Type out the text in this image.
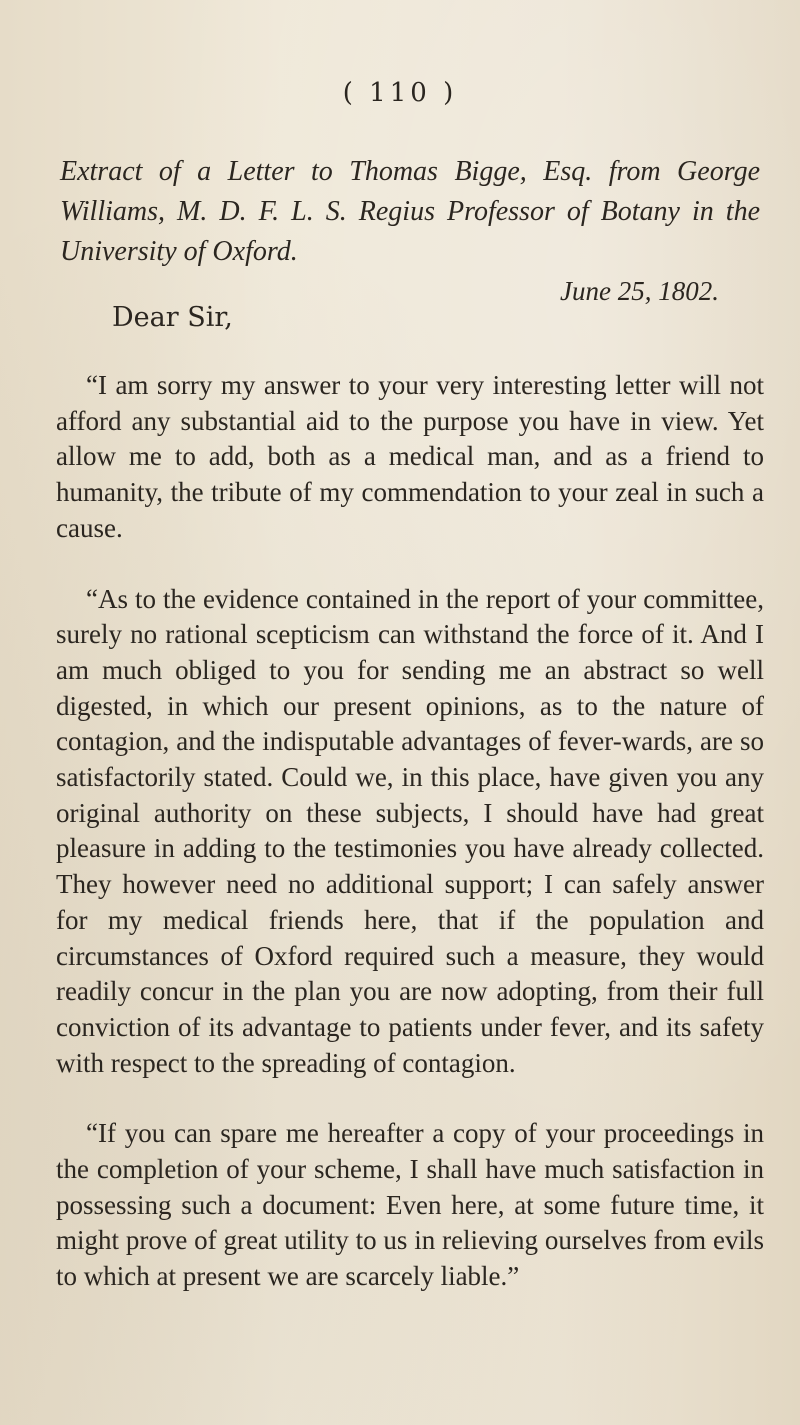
( 110 )
Extract of a Letter to Thomas Bigge, Esq. from George Williams, M. D. F. L. S. Regius Professor of Botany in the University of Oxford.
Dear Sir,
June 25, 1802.

“I am sorry my answer to your very interesting letter will not afford any substantial aid to the purpose you have in view. Yet allow me to add, both as a medical man, and as a friend to humanity, the tribute of my commendation to your zeal in such a cause.

“As to the evidence contained in the report of your committee, surely no rational scepticism can withstand the force of it. And I am much obliged to you for sending me an abstract so well digested, in which our present opinions, as to the nature of contagion, and the indisputable advantages of fever-wards, are so satisfactorily stated. Could we, in this place, have given you any original authority on these subjects, I should have had great pleasure in adding to the testimonies you have already collected. They however need no additional support; I can safely answer for my medical friends here, that if the population and circumstances of Oxford required such a measure, they would readily concur in the plan you are now adopting, from their full conviction of its advantage to patients under fever, and its safety with respect to the spreading of contagion.

“If you can spare me hereafter a copy of your proceedings in the completion of your scheme, I shall have much satisfaction in possessing such a document: Even here, at some future time, it might prove of great utility to us in relieving ourselves from evils to which at present we are scarcely liable.”
